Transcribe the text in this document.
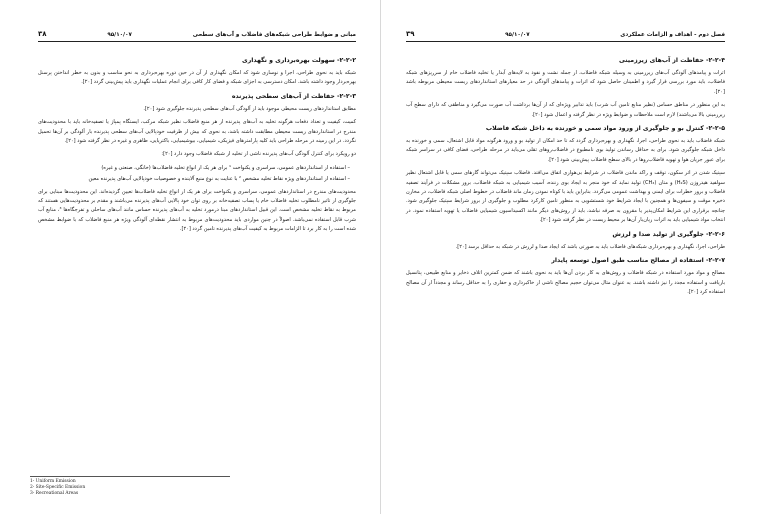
مبانی و ضوابط طراحی شبکه‌های فاضلاب و آب‌های سطحی
۹۵/۱۰/۰۷
۳۸
۲-۲-۲- سهولت بهره‌برداری و نگهداری

شبکه باید به نحوی طراحی، اجرا و نوسازی شود که امکان نگهداری از آن در حین دوره بهره‌برداری به نحو مناسب و بدون به خطر انداختن پرسنل بهره‌بردار وجود داشته باشد. امکان دسترسی به اجزای شبکه و فضای کار کافی برای انجام عملیات نگهداری باید پیش‌بینی گردد [۲۰].

۲-۲-۳- حفاظت از آب‌های سطحی پذیرنده

مطابق استانداردهای زیست محیطی موجود باید از آلودگی آب‌های سطحی پذیرنده جلوگیری شود [۲۰].

کمیت، کیفیت و تعداد دفعات هرگونه تخلیه به آب‌های پذیرنده از هر منبع فاضلاب نظیر شبکه مرکب، ایستگاه پمپاژ یا تصفیه‌خانه باید با محدودیت‌های مندرج در استانداردهای زیست محیطی مطابقت داشته باشد، به نحوی که بیش از ظرفیت خودپالایی آب‌های سطحی پذیرنده بار آلودگی بر آن‌ها تحمیل نگردد. در این زمینه در مرحله طراحی باید کلیه پارامترهای فیزیکی، شیمیایی، بیوشیمیایی، باکتریایی، ظاهری و غیره در نظر گرفته شود [۲۰].

دو رویکرد برای کنترل آلودگی آب‌های پذیرنده ناشی از تخلیه از شبکه فاضلاب وجود دارد [۲۰]:

– استفاده از استانداردهای عمومی، سراسری و یکنواخت ¹ برای هر یک از انواع تخلیه فاضلاب‌ها (خانگی، صنعتی و غیره)
– استفاده از استانداردهای ویژه نقاط تخلیه مشخص ² با عنایت به نوع منبع آلاینده و خصوصیات خودپالایی آب‌های پذیرنده معین

محدودیت‌های مندرج در استانداردهای عمومی، سراسری و یکنواخت برای هر یک از انواع تخلیه فاضلاب‌ها تعیین گردیده‌اند. این محدودیت‌ها مبنایی برای جلوگیری از تاثیر نامطلوب تخلیه فاضلاب خام یا پساب تصفیه‌خانه بر روی توان خود پالایی آب‌های پذیرنده می‌باشند و مقدم بر محدودیت‌هایی هستند که مربوط به نقاط تخلیه مشخص است. این قبیل استانداردهای مبنا درمورد تخلیه به آب‌های پذیرنده حساس مانند آب‌های ساحلی و تفرجگاه‌ها ³، منابع آب شرب قابل استفاده نمی‌باشد. اصولاً در چنین مواردی باید محدودیت‌های مربوط به انتشار نقطه‌ای آلودگی ویژه هر منبع فاضلاب که با ضوابط مشخص شده است را به کار برد تا الزامات مربوط به کیفیت آب‌های پذیرنده تامین گردد [۲۰].

1- Uniform Emission
2- Site-Specific Emission
3- Recreational Areas
فصل دوم - اهداف و الزامات عملکردی
۹۵/۱۰/۰۷
۳۹
۲-۲-۴- حفاظت از آب‌های زیرزمینی

اثرات و پیامدهای آلودگی آب‌های زیرزمینی به وسیله شبکه فاضلاب، از جمله نشت و نفوذ به لایه‌های آبدار یا تخلیه فاضلاب خام از سرریزهای شبکه فاضلاب، باید مورد بررسی قرار گیرد و اطمینان حاصل شود که اثرات و پیامدهای آلودگی در حد معیارهای استانداردهای زیست محیطی مربوطه باشد [۲۰].

به این منظور در مناطق حساس (نظیر منابع تامین آب شرب) باید تدابیر ویژه‌ای که از آن‌ها برداشت آب صورت می‌گیرد و مناطقی که دارای سطح آب زیرزمینی بالا می‌باشند) لازم است ملاحظات و ضوابط ویژه در نظر گرفته و اعمال شود [۲۰].

۲-۲-۵- کنترل بو و جلوگیری از ورود مواد سمی و خورنده به داخل شبکه فاضلاب

شبکه فاضلاب باید به نحوی طراحی، اجرا، نگهداری و بهره‌برداری گردد که تا حد امکان از تولید بو و ورود هرگونه مواد قابل اشتعال، سمی و خورنده به داخل شبکه جلوگیری شود. برای به حداقل رساندن تولید بوی نامطبوع در فاضلاب‌روهای ثقلی می‌باید در مرحله طراحی، فضای کافی در سراسر شبکه برای عبور جریان هوا و تهویه فاضلاب‌روها در بالای سطح فاضلاب پیش‌بینی شود [۲۰].

سپتیک شدن در اثر سکون، توقف و راکد ماندن فاضلاب در شرایط بی‌هوازی اتفاق می‌افتد. فاضلاب سپتیک می‌تواند گازهای سمی یا قابل اشتعال نظیر سولفید هیدروژن (H₂S) و متان (CH₄) تولید نماید که خود منجر به ایجاد بوی زننده، آسیب شیمیایی به شبکه فاضلاب، بروز مشکلات در فرآیند تصفیه فاضلاب و بروز خطرات برای ایمنی و بهداشت عمومی می‌گردد. بنابراین باید با کوتاه نمودن زمان ماند فاضلاب در خطوط اصلی شبکه فاضلاب، در مخازن ذخیره موقت و سیفون‌ها و همچنین با ایجاد شرایط خود شستشویی به منظور تامین کارکرد مطلوب و جلوگیری از بروز شرایط سپتیک جلوگیری شود. چنانچه برقراری این شرایط امکان‌پذیر یا مقرون به صرفه نباشد، باید از روش‌های دیگر مانند اکسیداسیون شیمیایی فاضلاب یا تهویه استفاده نمود. در انتخاب مواد شیمیایی باید به اثرات زیان‌بار آن‌ها بر محیط زیست در نظر گرفته شود [۲۰].

۲-۲-۶- جلوگیری از تولید صدا و لرزش

طراحی، اجرا، نگهداری و بهره‌برداری شبکه‌های فاضلاب باید به صورتی باشد که ایجاد صدا و لرزش در شبکه به حداقل برسد [۲۰].

۲-۲-۷- استفاده از مصالح مناسب طبق اصول توسعه پایدار

مصالح و مواد مورد استفاده در شبکه فاضلاب و روش‌های به کار بردن آن‌ها باید به نحوی باشند که ضمن کمترین اتلاف ذخایر و منابع طبیعی، پتانسیل بازیافت و استفاده مجدد را نیز داشته باشند. به عنوان مثال می‌توان حجیم مصالح ناشی از خاکبرداری و حفاری را به حداقل رساند و مجدداً از آن مصالح استفاده کرد [۲۰].
